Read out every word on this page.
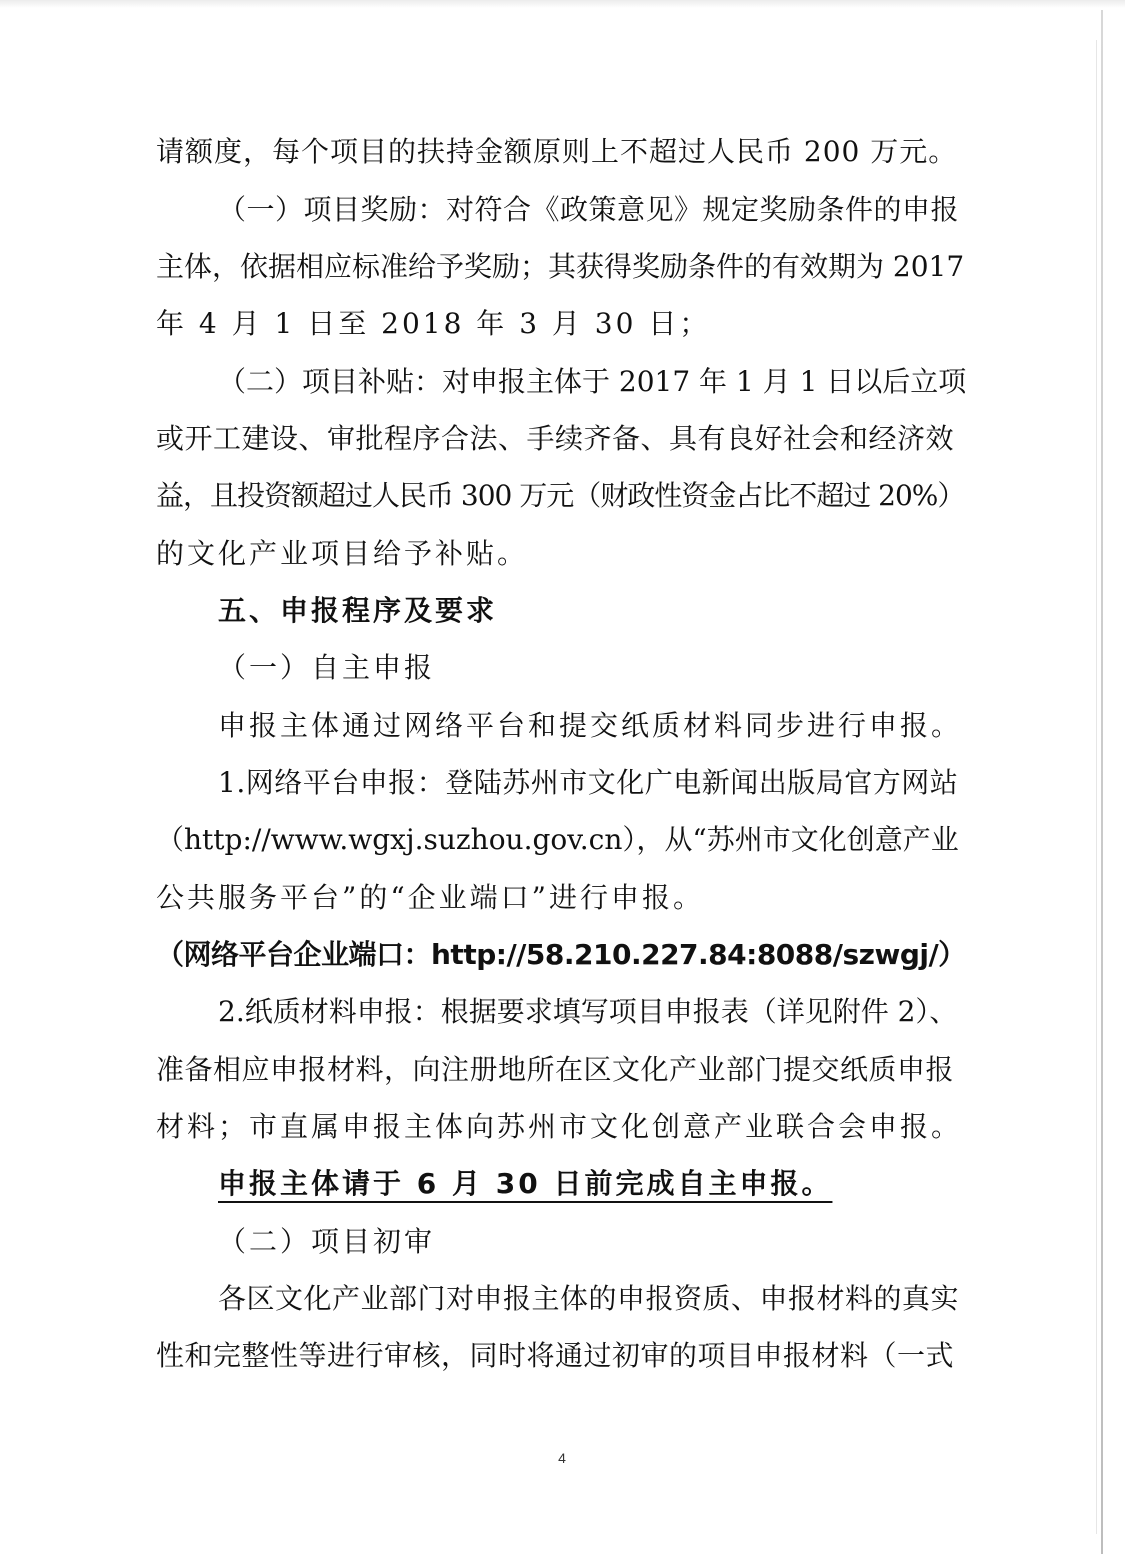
请额度，每个项目的扶持金额原则上不超过人民币 200 万元。
（一）项目奖励：对符合《政策意见》规定奖励条件的申报
主体，依据相应标准给予奖励；其获得奖励条件的有效期为 2017
年 4 月 1 日至 2018 年 3 月 30 日；
（二）项目补贴：对申报主体于 2017 年 1 月 1 日以后立项
或开工建设、审批程序合法、手续齐备、具有良好社会和经济效
益，且投资额超过人民币 300 万元（财政性资金占比不超过 20%）
的文化产业项目给予补贴。
五、申报程序及要求
（一）自主申报
申报主体通过网络平台和提交纸质材料同步进行申报。
1.网络平台申报：登陆苏州市文化广电新闻出版局官方网站
（http://www.wgxj.suzhou.gov.cn），从“苏州市文化创意产业
公共服务平台”的“企业端口”进行申报。
（网络平台企业端口：http://58.210.227.84:8088/szwgj/）
2.纸质材料申报：根据要求填写项目申报表（详见附件 2）、
准备相应申报材料，向注册地所在区文化产业部门提交纸质申报
材料；市直属申报主体向苏州市文化创意产业联合会申报。
申报主体请于 6 月 30 日前完成自主申报。
（二）项目初审
各区文化产业部门对申报主体的申报资质、申报材料的真实
性和完整性等进行审核，同时将通过初审的项目申报材料（一式
4
